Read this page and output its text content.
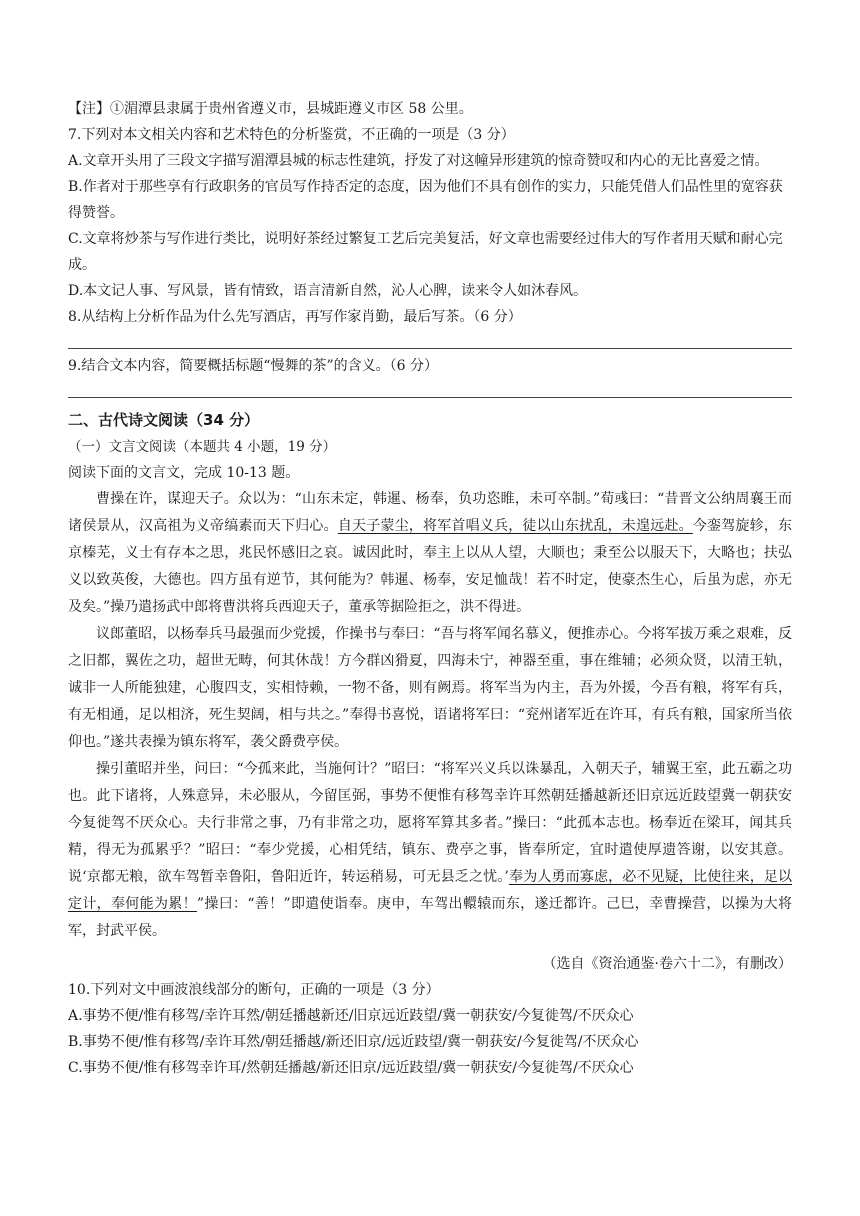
【注】①湄潭县隶属于贵州省遵义市，县城距遵义市区 58 公里。
7.下列对本文相关内容和艺术特色的分析鉴赏，不正确的一项是（3 分）
A.文章开头用了三段文字描写湄潭县城的标志性建筑，抒发了对这幢异形建筑的惊奇赞叹和内心的无比喜爱之情。
B.作者对于那些享有行政职务的官员写作持否定的态度，因为他们不具有创作的实力，只能凭借人们品性里的宽容获得赞誉。
C.文章将炒茶与写作进行类比，说明好茶经过繁复工艺后完美复活，好文章也需要经过伟大的写作者用天赋和耐心完成。
D.本文记人事、写风景，皆有情致，语言清新自然，沁人心脾，读来令人如沐春风。
8.从结构上分析作品为什么先写酒店，再写作家肖勤，最后写茶。（6 分）
9.结合文本内容，简要概括标题“慢舞的茶”的含义。（6 分）
二、古代诗文阅读（34 分）
（一）文言文阅读（本题共 4 小题，19 分）
阅读下面的文言文，完成 10-13 题。
曹操在许，谋迎天子。众以为：“山东未定，韩暹、杨奉，负功恣睢，未可卒制。”荀彧曰：“昔晋文公纳周襄王而诸侯景从，汉高祖为义帝缟素而天下归心。自天子蒙尘，将军首唱义兵，徒以山东扰乱，未遑远赴。今銮驾旋轸，东京榛芜，义士有存本之思，兆民怀感旧之哀。诚因此时，奉主上以从人望，大顺也；秉至公以服天下，大略也；扶弘义以致英俊，大德也。四方虽有逆节，其何能为？韩暹、杨奉，安足恤哉！若不时定，使豪杰生心，后虽为虑，亦无及矣。”操乃遣扬武中郎将曹洪将兵西迎天子，董承等据险拒之，洪不得进。
议郎董昭，以杨奉兵马最强而少党援，作操书与奉曰：“吾与将军闻名慕义，便推赤心。今将军拔万乘之艰难，反之旧都，翼佐之功，超世无畴，何其休哉！方今群凶猾夏，四海未宁，神器至重，事在维辅；必须众贤，以清王轨，诚非一人所能独建，心腹四支，实相恃赖，一物不备，则有阙焉。将军当为内主，吾为外援，今吾有粮，将军有兵，有无相通，足以相济，死生契阔，相与共之。”奉得书喜悦，语诸将军曰：“兖州诸军近在许耳，有兵有粮，国家所当依仰也。”遂共表操为镇东将军，袭父爵费亭侯。
操引董昭并坐，问曰：“今孤来此，当施何计？”昭曰：“将军兴义兵以诛暴乱，入朝天子，辅翼王室，此五霸之功也。此下诸将，人殊意异，未必服从，今留匡弼，事势不便惟有移驾幸许耳然朝廷播越新还旧京远近跂望冀一朝获安今复徙驾不厌众心。夫行非常之事，乃有非常之功，愿将军算其多者。”操曰：“此孤本志也。杨奉近在梁耳，闻其兵精，得无为孤累乎？”昭曰：“奉少党援，心相凭结，镇东、费亭之事，皆奉所定，宜时遣使厚遗答谢，以安其意。说‘京都无粮，欲车驾暂幸鲁阳，鲁阳近许，转运稍易，可无县乏之忧。’奉为人勇而寡虑，必不见疑，比使往来，足以定计，奉何能为累！”操曰：“善！”即遣使诣奉。庚申，车驾出轘辕而东，遂迁都许。己巳，幸曹操营，以操为大将军，封武平侯。
（选自《资治通鉴·卷六十二》，有删改）
10.下列对文中画波浪线部分的断句，正确的一项是（3 分）
A.事势不便/惟有移驾/幸许耳然/朝廷播越新还/旧京远近跂望/冀一朝获安/今复徙驾/不厌众心
B.事势不便/惟有移驾/幸许耳然/朝廷播越/新还旧京/远近跂望/冀一朝获安/今复徙驾/不厌众心
C.事势不便/惟有移驾幸许耳/然朝廷播越/新还旧京/远近跂望/冀一朝获安/今复徙驾/不厌众心
